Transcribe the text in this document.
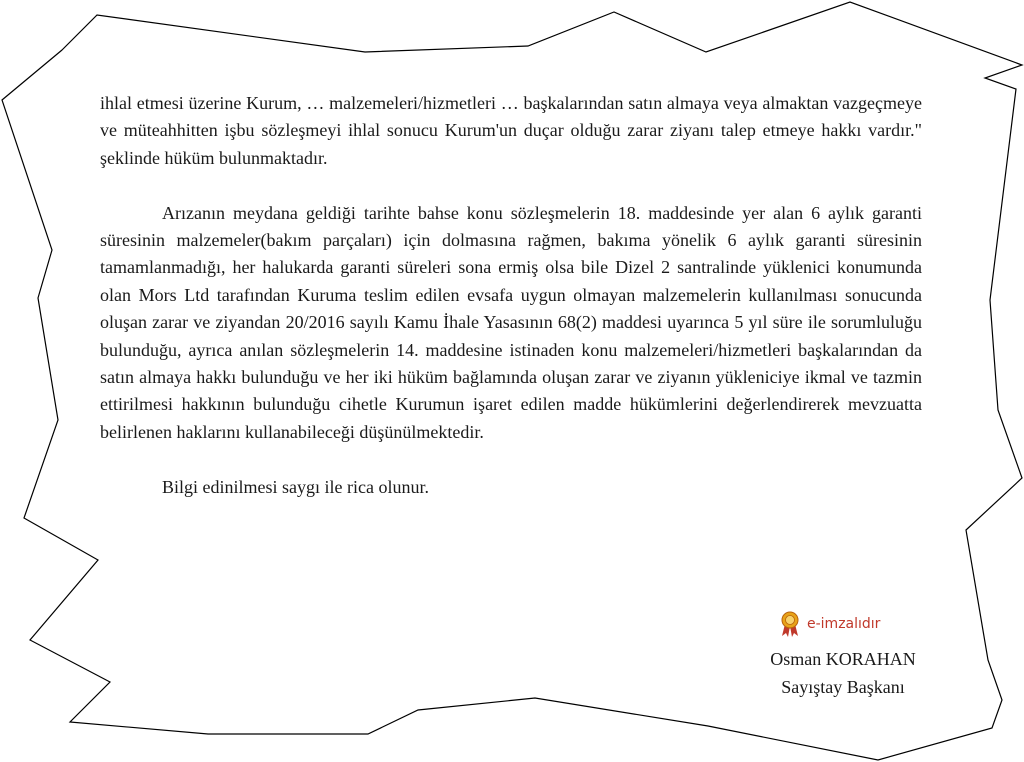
ihlal etmesi üzerine Kurum, … malzemeleri/hizmetleri … başkalarından satın almaya veya almaktan vazgeçmeye ve müteahhitten işbu sözleşmeyi ihlal sonucu Kurum'un duçar olduğu zarar ziyanı talep etmeye hakkı vardır." şeklinde hüküm bulunmaktadır.

Arızanın meydana geldiği tarihte bahse konu sözleşmelerin 18. maddesinde yer alan 6 aylık garanti süresinin malzemeler(bakım parçaları) için dolmasına rağmen, bakıma yönelik 6 aylık garanti süresinin tamamlanmadığı, her halukarda garanti süreleri sona ermiş olsa bile Dizel 2 santralinde yüklenici konumunda olan Mors Ltd tarafından Kuruma teslim edilen evsafa uygun olmayan malzemelerin kullanılması sonucunda oluşan zarar ve ziyandan 20/2016 sayılı Kamu İhale Yasasının 68(2) maddesi uyarınca 5 yıl süre ile sorumluluğu bulunduğu, ayrıca anılan sözleşmelerin 14. maddesine istinaden konu malzemeleri/hizmetleri başkalarından da satın almaya hakkı bulunduğu ve her iki hüküm bağlamında oluşan zarar ve ziyanın yükleniciye ikmal ve tazmin ettirilmesi hakkının bulunduğu cihetle Kurumun işaret edilen madde hükümlerini değerlendirerek mevzuatta belirlenen haklarını kullanabileceği düşünülmektedir.

Bilgi edinilmesi saygı ile rica olunur.

e-imzalıdır
Osman KORAHAN
Sayıştay Başkanı
